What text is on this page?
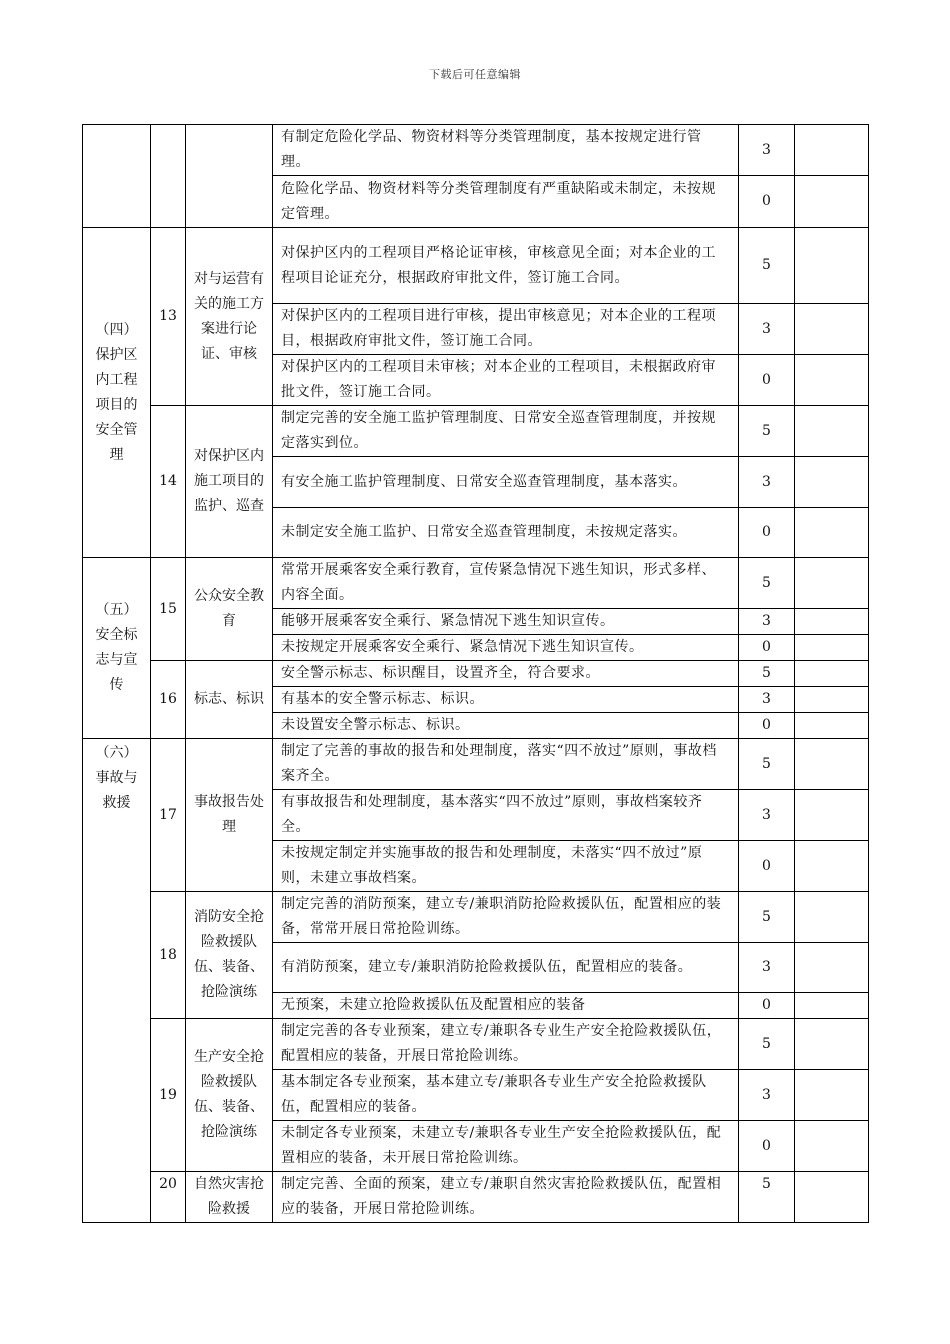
下载后可任意编辑
			有制定危险化学品、物资材料等分类管理制度，基本按规定进行管理。	3	
			危险化学品、物资材料等分类管理制度有严重缺陷或未制定，未按规定管理。	0	
（四）保护区内工程项目的安全管理	13	对与运营有关的施工方案进行论证、审核	对保护区内的工程项目严格论证审核，审核意见全面；对本企业的工程项目论证充分，根据政府审批文件，签订施工合同。	5	
			对保护区内的工程项目进行审核，提出审核意见；对本企业的工程项目，根据政府审批文件，签订施工合同。	3	
			对保护区内的工程项目未审核；对本企业的工程项目，未根据政府审批文件，签订施工合同。	0	
	14	对保护区内施工项目的监护、巡查	制定完善的安全施工监护管理制度、日常安全巡查管理制度，并按规定落实到位。	5	
			有安全施工监护管理制度、日常安全巡查管理制度，基本落实。	3	
			未制定安全施工监护、日常安全巡查管理制度，未按规定落实。	0	
（五）安全标志与宣传	15	公众安全教育	常常开展乘客安全乘行教育，宣传紧急情况下逃生知识，形式多样、内容全面。	5	
			能够开展乘客安全乘行、紧急情况下逃生知识宣传。	3	
			未按规定开展乘客安全乘行、紧急情况下逃生知识宣传。	0	
	16	标志、标识	安全警示标志、标识醒目，设置齐全，符合要求。	5	
			有基本的安全警示标志、标识。	3	
			未设置安全警示标志、标识。	0	
（六）事故与救援	17	事故报告处理	制定了完善的事故的报告和处理制度，落实“四不放过”原则，事故档案齐全。	5	
			有事故报告和处理制度，基本落实“四不放过”原则，事故档案较齐全。	3	
			未按规定制定并实施事故的报告和处理制度，未落实“四不放过”原则，未建立事故档案。	0	
	18	消防安全抢险救援队伍、装备、抢险演练	制定完善的消防预案，建立专/兼职消防抢险救援队伍，配置相应的装备，常常开展日常抢险训练。	5	
			有消防预案，建立专/兼职消防抢险救援队伍，配置相应的装备。	3	
			无预案，未建立抢险救援队伍及配置相应的装备	0	
	19	生产安全抢险救援队伍、装备、抢险演练	制定完善的各专业预案，建立专/兼职各专业生产安全抢险救援队伍，配置相应的装备，开展日常抢险训练。	5	
			基本制定各专业预案，基本建立专/兼职各专业生产安全抢险救援队伍，配置相应的装备。	3	
			未制定各专业预案，未建立专/兼职各专业生产安全抢险救援队伍，配置相应的装备，未开展日常抢险训练。	0	
	20	自然灾害抢险救援	制定完善、全面的预案，建立专/兼职自然灾害抢险救援队伍，配置相应的装备，开展日常抢险训练。	5	
